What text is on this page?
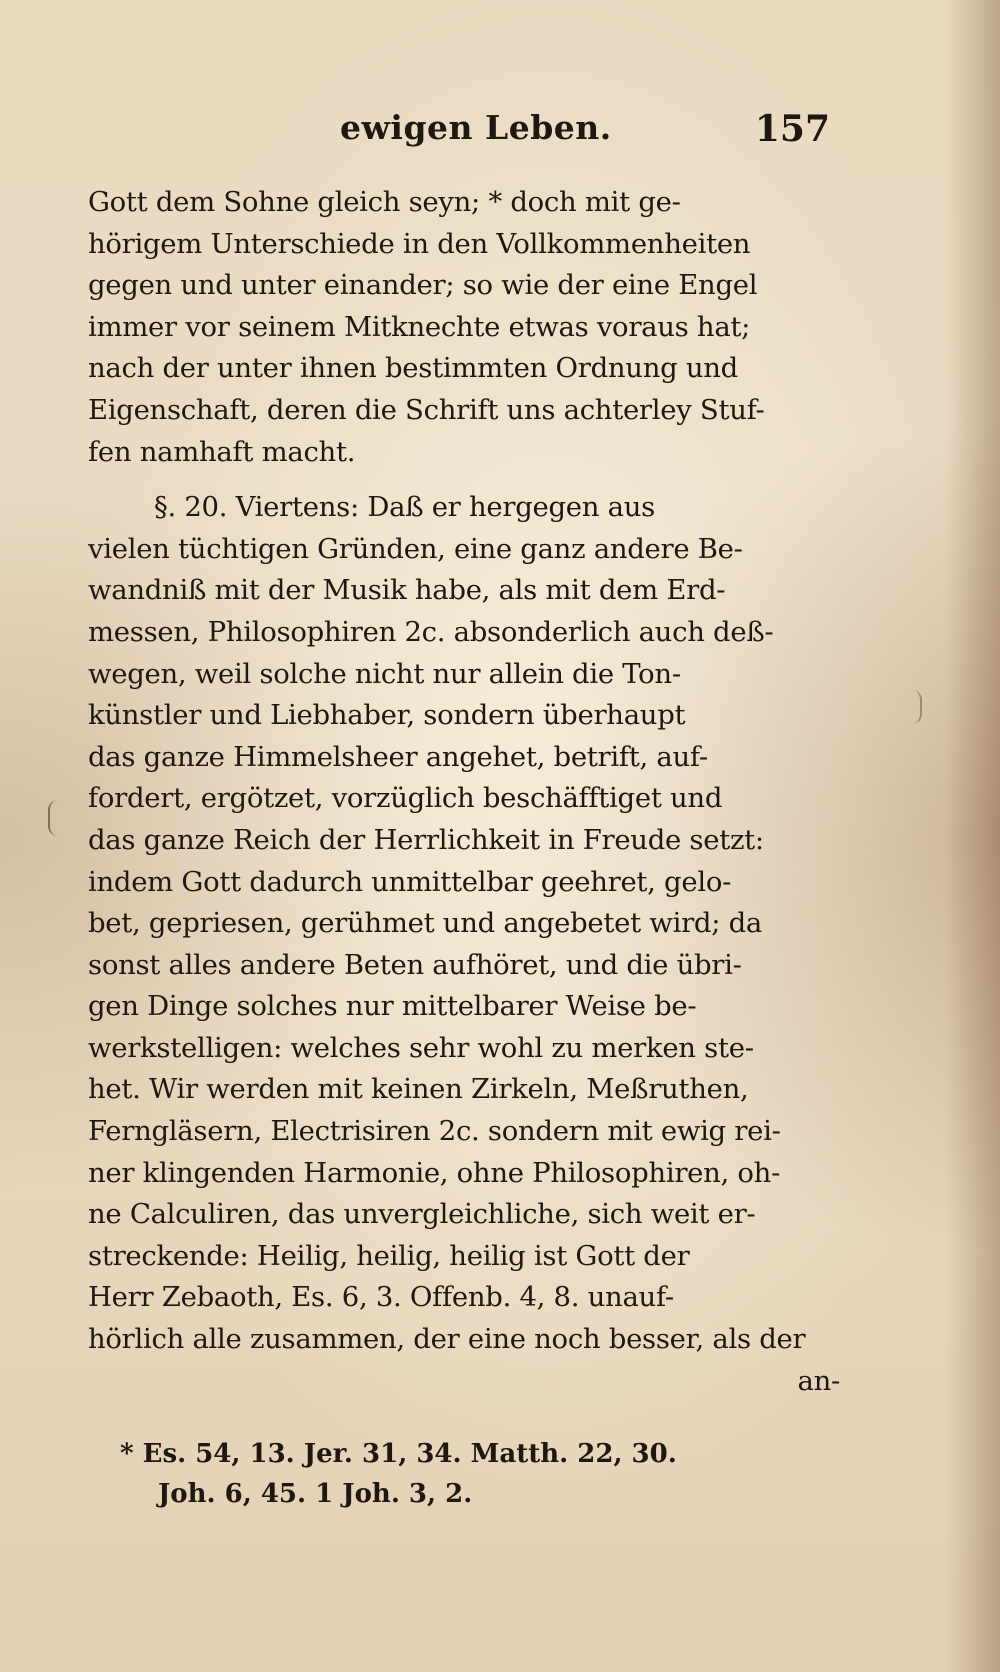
ewigen Leben.	157
Gott dem Sohne gleich seyn; * doch mit ge-
hörigem Unterschiede in den Vollkommenheiten
gegen und unter einander; so wie der eine Engel
immer vor seinem Mitknechte etwas voraus hat;
nach der unter ihnen bestimmten Ordnung und
Eigenschaft, deren die Schrift uns achterley Stuf-
fen namhaft macht.
§. 20. Viertens: Daß er hergegen aus
vielen tüchtigen Gründen, eine ganz andere Be-
wandniß mit der Musik habe, als mit dem Erd-
messen, Philosophiren 2c. absonderlich auch deß-
wegen, weil solche nicht nur allein die Ton-
künstler und Liebhaber, sondern überhaupt
das ganze Himmelsheer angehet, betrift, auf-
fordert, ergötzet, vorzüglich beschäfftiget und
das ganze Reich der Herrlichkeit in Freude setzt:
indem Gott dadurch unmittelbar geehret, gelo-
bet, gepriesen, gerühmet und angebetet wird; da
sonst alles andere Beten aufhöret, und die übri-
gen Dinge solches nur mittelbarer Weise be-
werkstelligen: welches sehr wohl zu merken ste-
het. Wir werden mit keinen Zirkeln, Meßruthen,
Ferngläsern, Electrisiren 2c. sondern mit ewig rei-
ner klingenden Harmonie, ohne Philosophiren, oh-
ne Calculiren, das unvergleichliche, sich weit er-
streckende: Heilig, heilig, heilig ist Gott der
Herr Zebaoth, Es. 6, 3. Offenb. 4, 8. unauf-
hörlich alle zusammen, der eine noch besser, als der
an-
* Es. 54, 13. Jer. 31, 34. Matth. 22, 30.
Joh. 6, 45. 1 Joh. 3, 2.
